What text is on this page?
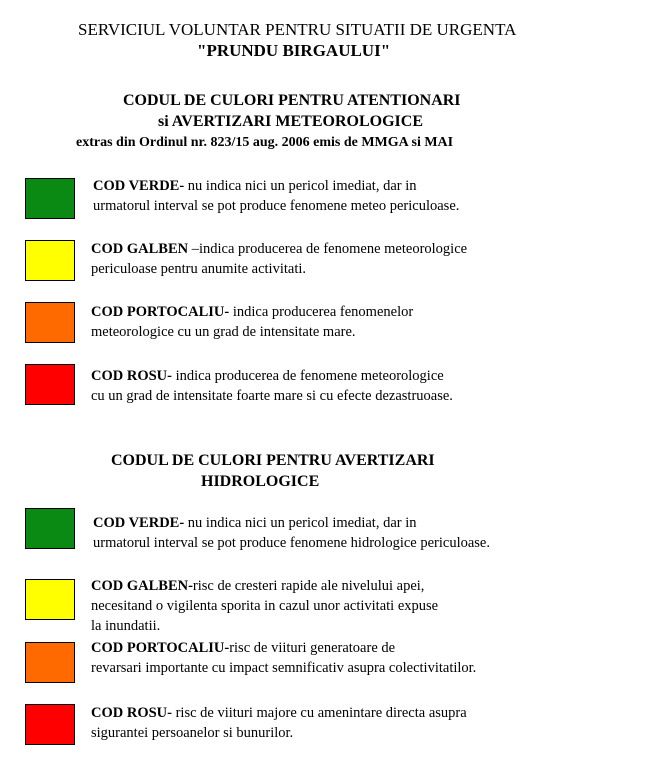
SERVICIUL VOLUNTAR PENTRU SITUATII DE URGENTA
"PRUNDU BIRGAULUI"
CODUL DE CULORI PENTRU ATENTIONARI
si AVERTIZARI METEOROLOGICE
extras din Ordinul nr. 823/15 aug. 2006 emis de MMGA si MAI
COD VERDE- nu indica nici un pericol imediat, dar in
urmatorul interval se pot produce fenomene meteo periculoase.
COD GALBEN –indica producerea de fenomene meteorologice
periculoase pentru anumite activitati.
COD PORTOCALIU- indica producerea fenomenelor
meteorologice cu un grad de intensitate mare.
COD ROSU- indica producerea de fenomene meteorologice
cu un grad de intensitate foarte mare si cu efecte dezastruoase.
CODUL DE CULORI PENTRU AVERTIZARI
HIDROLOGICE
COD VERDE- nu indica nici un pericol imediat, dar in
urmatorul interval se pot produce fenomene hidrologice periculoase.
COD GALBEN-risc de cresteri rapide ale nivelului apei,
necesitand o vigilenta sporita in cazul unor activitati expuse
la inundatii.
COD PORTOCALIU-risc de viituri generatoare de
revarsari importante cu impact semnificativ asupra colectivitatilor.
COD ROSU- risc de viituri majore cu amenintare directa asupra
sigurantei persoanelor si bunurilor.
